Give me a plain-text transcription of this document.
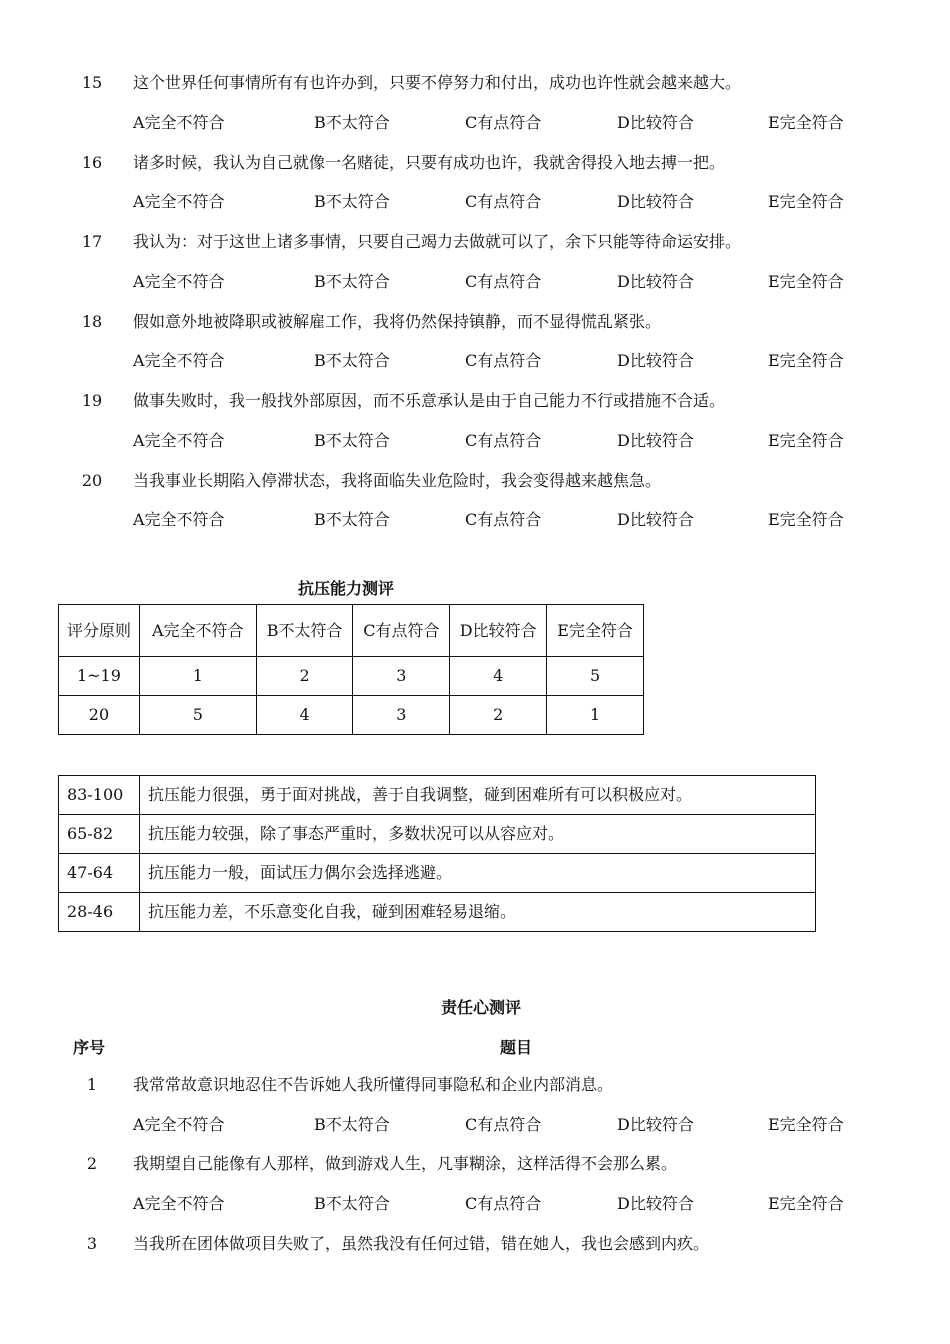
15 这个世界任何事情所有有也许办到，只要不停努力和付出，成功也许性就会越来越大。
A完全不符合	B不太符合	C有点符合	D比较符合	E完全符合
16 诸多时候，我认为自己就像一名赌徒，只要有成功也许，我就舍得投入地去搏一把。
A完全不符合	B不太符合	C有点符合	D比较符合	E完全符合
17 我认为：对于这世上诸多事情，只要自己竭力去做就可以了，余下只能等待命运安排。
A完全不符合	B不太符合	C有点符合	D比较符合	E完全符合
18 假如意外地被降职或被解雇工作，我将仍然保持镇静，而不显得慌乱紧张。
A完全不符合	B不太符合	C有点符合	D比较符合	E完全符合
19 做事失败时，我一般找外部原因，而不乐意承认是由于自己能力不行或措施不合适。
A完全不符合	B不太符合	C有点符合	D比较符合	E完全符合
20 当我事业长期陷入停滞状态，我将面临失业危险时，我会变得越来越焦急。
A完全不符合	B不太符合	C有点符合	D比较符合	E完全符合
抗压能力测评
评分原则	A完全不符合	B不太符合	C有点符合	D比较符合	E完全符合
1~19	1	2	3	4	5
20	5	4	3	2	1
83-100	抗压能力很强，勇于面对挑战，善于自我调整，碰到困难所有可以积极应对。
65-82	抗压能力较强，除了事态严重时，多数状况可以从容应对。
47-64	抗压能力一般，面试压力偶尔会选择逃避。
28-46	抗压能力差，不乐意变化自我，碰到困难轻易退缩。
责任心测评
序号	题目
1	我常常故意识地忍住不告诉她人我所懂得同事隐私和企业内部消息。
A完全不符合	B不太符合	C有点符合	D比较符合	E完全符合
2	我期望自己能像有人那样，做到游戏人生，凡事糊涂，这样活得不会那么累。
A完全不符合	B不太符合	C有点符合	D比较符合	E完全符合
3	当我所在团体做项目失败了，虽然我没有任何过错，错在她人，我也会感到内疚。
